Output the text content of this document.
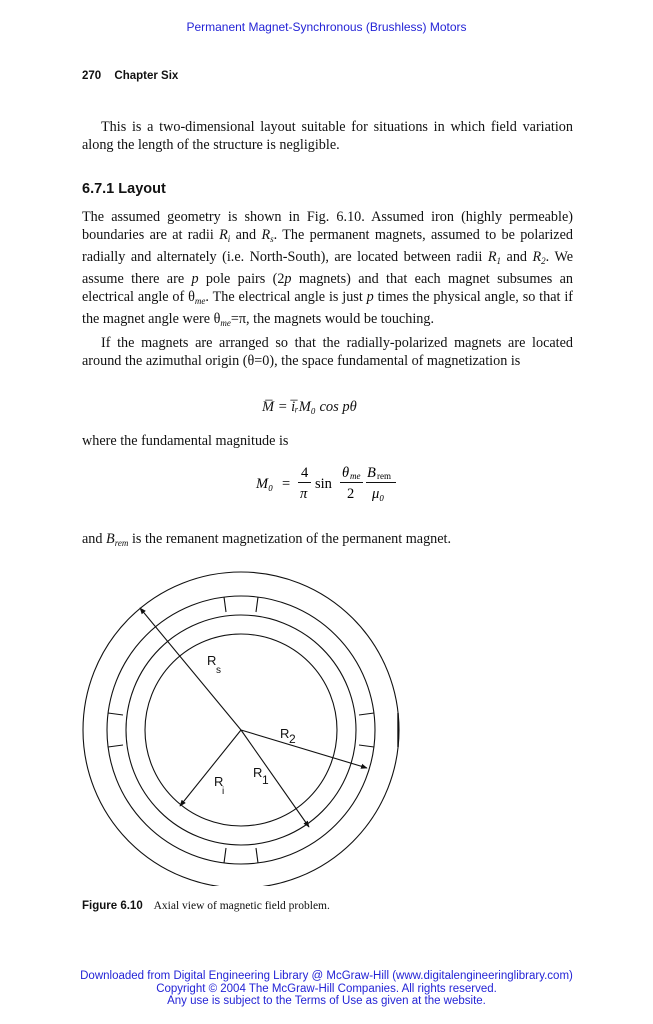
Permanent Magnet-Synchronous (Brushless) Motors
270 Chapter Six
This is a two-dimensional layout suitable for situations in which field variation along the length of the structure is negligible.
6.7.1 Layout
The assumed geometry is shown in Fig. 6.10. Assumed iron (highly permeable) boundaries are at radii $R_i$ and $R_s$. The permanent magnets, assumed to be polarized radially and alternately (i.e. North-South), are located between radii $R_1$ and $R_2$. We assume there are p pole pairs (2p magnets) and that each magnet subsumes an electrical angle of $\theta_{me}$. The electrical angle is just p times the physical angle, so that if the magnet angle were $\theta_{me}=\pi$, the magnets would be touching.
If the magnets are arranged so that the radially-polarized magnets are located around the azimuthal origin (θ=0), the space fundamental of magnetization is
M̅ = i̅ᵣM₀ cos pθ
where the fundamental magnitude is
M₀ =
4
π
sin
θ me
2
B rem
μ₀
and $B_{rem}$ is the remanent magnetization of the permanent magnet.
R
s
R 2
R 1
R
i
Figure 6.10 Axial view of magnetic field problem.
Downloaded from Digital Engineering Library @ McGraw-Hill (www.digitalengineeringlibrary.com)
Copyright © 2004 The McGraw-Hill Companies. All rights reserved.
Any use is subject to the Terms of Use as given at the website.
